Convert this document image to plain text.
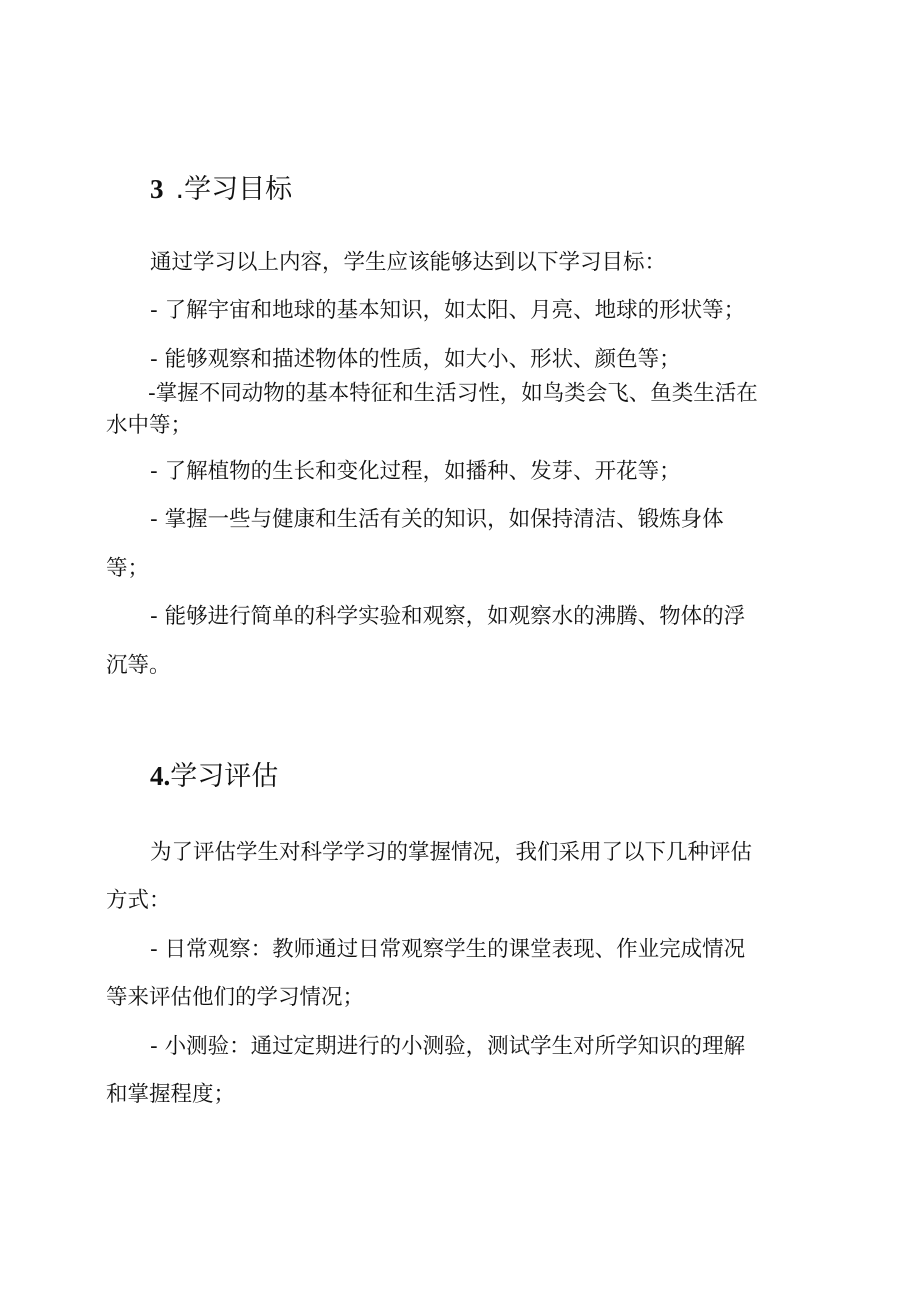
3 .学习目标

通过学习以上内容，学生应该能够达到以下学习目标：

- 了解宇宙和地球的基本知识，如太阳、月亮、地球的形状等；

- 能够观察和描述物体的性质，如大小、形状、颜色等；

-掌握不同动物的基本特征和生活习性，如鸟类会飞、鱼类生活在

水中等；

- 了解植物的生长和变化过程，如播种、发芽、开花等；

- 掌握一些与健康和生活有关的知识，如保持清洁、锻炼身体

等；

- 能够进行简单的科学实验和观察，如观察水的沸腾、物体的浮

沉等。

4.学习评估

为了评估学生对科学学习的掌握情况，我们采用了以下几种评估

方式：

- 日常观察：教师通过日常观察学生的课堂表现、作业完成情况

等来评估他们的学习情况；

- 小测验：通过定期进行的小测验，测试学生对所学知识的理解

和掌握程度；
